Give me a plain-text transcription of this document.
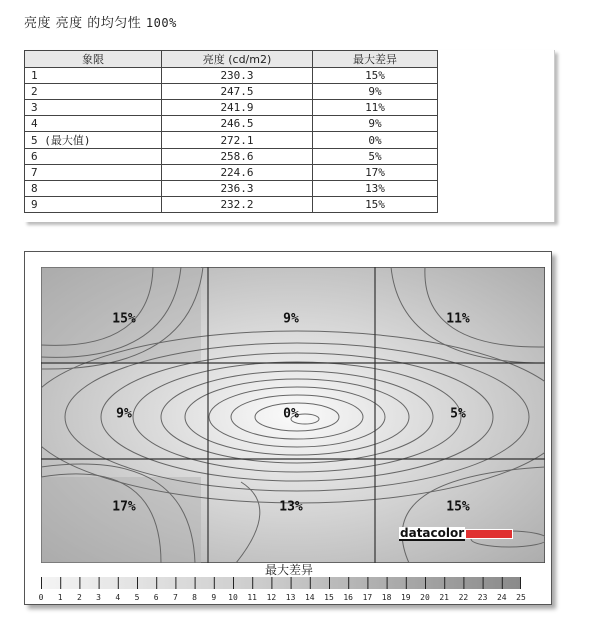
亮度 亮度 的均匀性 100%
象限	亮度 (cd/m2)	最大差异
1	230.3	15%
2	247.5	9%
3	241.9	11%
4	246.5	9%
5 (最大值)	272.1	0%
6	258.6	5%
7	224.6	17%
8	236.3	13%
9	232.2	15%
15%	9%	11%
9%	0%	5%
17%	13%	15%
datacolor
最大差异
0 1 2 3 4 5 6 7 8 9 10 11 12 13 14 15 16 17 18 19 20 21 22 23 24 25
